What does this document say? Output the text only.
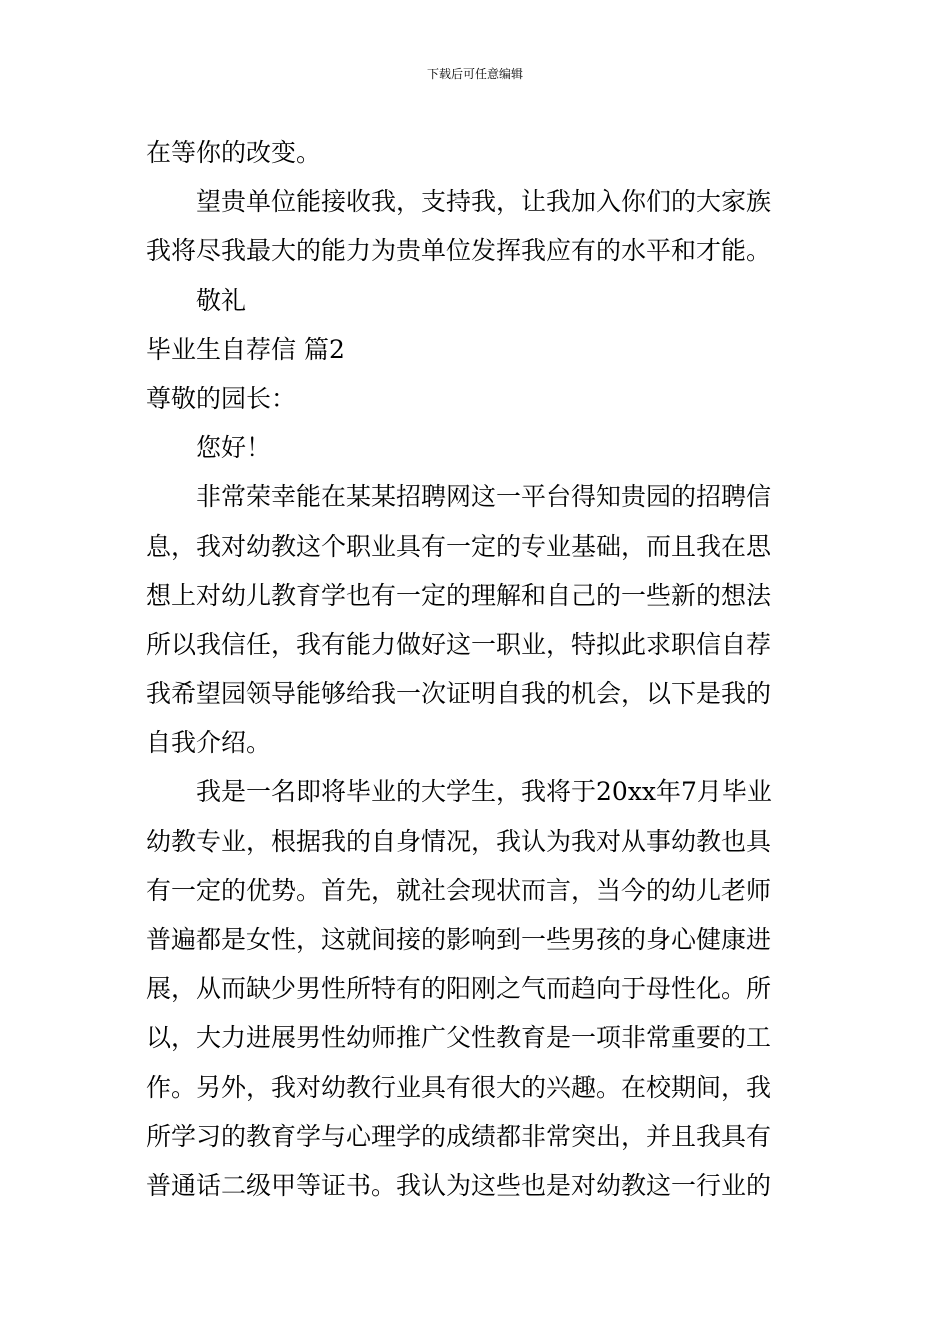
下载后可任意编辑
在等你的改变。
望贵单位能接收我，支持我，让我加入你们的大家族
我将尽我最大的能力为贵单位发挥我应有的水平和才能。
敬礼
毕业生自荐信 篇2
尊敬的园长：
您好！
非常荣幸能在某某招聘网这一平台得知贵园的招聘信
息，我对幼教这个职业具有一定的专业基础，而且我在思
想上对幼儿教育学也有一定的理解和自己的一些新的想法
所以我信任，我有能力做好这一职业，特拟此求职信自荐
我希望园领导能够给我一次证明自我的机会，以下是我的
自我介绍。
我是一名即将毕业的大学生，我将于20xx年7月毕业
幼教专业，根据我的自身情况，我认为我对从事幼教也具
有一定的优势。首先，就社会现状而言，当今的幼儿老师
普遍都是女性，这就间接的影响到一些男孩的身心健康进
展，从而缺少男性所特有的阳刚之气而趋向于母性化。所
以，大力进展男性幼师推广父性教育是一项非常重要的工
作。另外，我对幼教行业具有很大的兴趣。在校期间，我
所学习的教育学与心理学的成绩都非常突出，并且我具有
普通话二级甲等证书。我认为这些也是对幼教这一行业的
